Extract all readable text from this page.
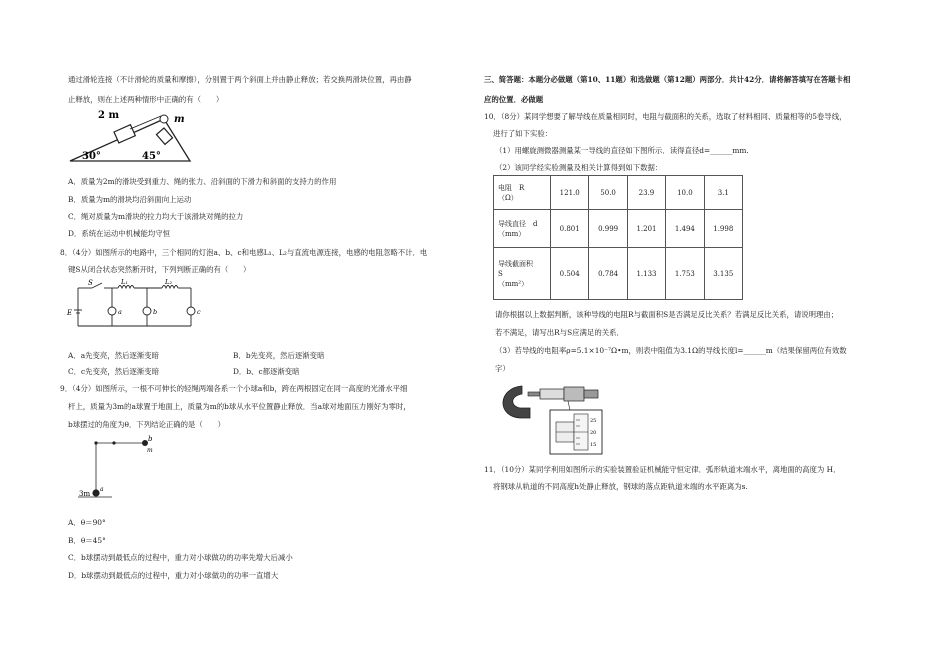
通过滑轮连接（不计滑轮的质量和摩擦），分别置于两个斜面上并由静止释放；若交换两滑块位置，再由静
止释放，则在上述两种情形中正确的有（　　）
2 m	m
30°	45°
A．质量为2m的滑块受到重力、绳的张力、沿斜面的下滑力和斜面的支持力的作用
B．质量为m的滑块均沿斜面向上运动
C．绳对质量为m滑块的拉力均大于该滑块对绳的拉力
D．系统在运动中机械能均守恒
8．（4分）如图所示的电路中，三个相同的灯泡a、b、c和电感L₁、L₂与直流电源连接，电感的电阻忽略不计．电
键S从闭合状态突然断开时，下列判断正确的有（　　）
S	L₁	L₂
E	a	b	c
A．a先变亮，然后逐渐变暗	B．b先变亮，然后逐渐变暗
C．c先变亮，然后逐渐变暗	D．b、c都逐渐变暗
9．（4分）如图所示，一根不可伸长的轻绳两端各系一个小球a和b，跨在两根固定在同一高度的光滑水平细
杆上，质量为3m的a球置于地面上，质量为m的b球从水平位置静止释放．当a球对地面压力刚好为零时，
b球摆过的角度为θ．下列结论正确的是（　　）
b
m
3m
a
A．θ＝90°
B．θ＝45°
C．b球摆动到最低点的过程中，重力对小球做功的功率先增大后减小
D．b球摆动到最低点的过程中，重力对小球做功的功率一直增大
三、简答题：本题分必做题（第10、11题）和选做题（第12题）两部分．共计42分．请将解答填写在答题卡相
应的位置．必做题
10．（8分）某同学想要了解导线在质量相同时，电阻与截面积的关系，选取了材料相同、质量相等的5卷导线，
进行了如下实验：
（1）用螺旋测微器测量某一导线的直径如下图所示．读得直径d=______mm.
（2）该同学经实验测量及相关计算得到如下数据：
电阻　R
（Ω）	121.0	50.0	23.9	10.0	3.1
导线直径　d
（mm）	0.801	0.999	1.201	1.494	1.998
导线截面积
S
（mm²）	0.504	0.784	1.133	1.753	3.135
请你根据以上数据判断，该种导线的电阻R与截面积S是否满足反比关系？若满足反比关系，请说明理由；
若不满足，请写出R与S应满足的关系．
（3）若导线的电阻率ρ=5.1×10⁻⁷Ω•m，则表中阻值为3.1Ω的导线长度l=______m（结果保留两位有效数
字）
25
20
15
11．（10分）某同学利用如图所示的实验装置验证机械能守恒定律．弧形轨道末端水平，离地面的高度为 H．
将钢球从轨道的不同高度h处静止释放，钢球的落点距轨道末端的水平距离为s.
